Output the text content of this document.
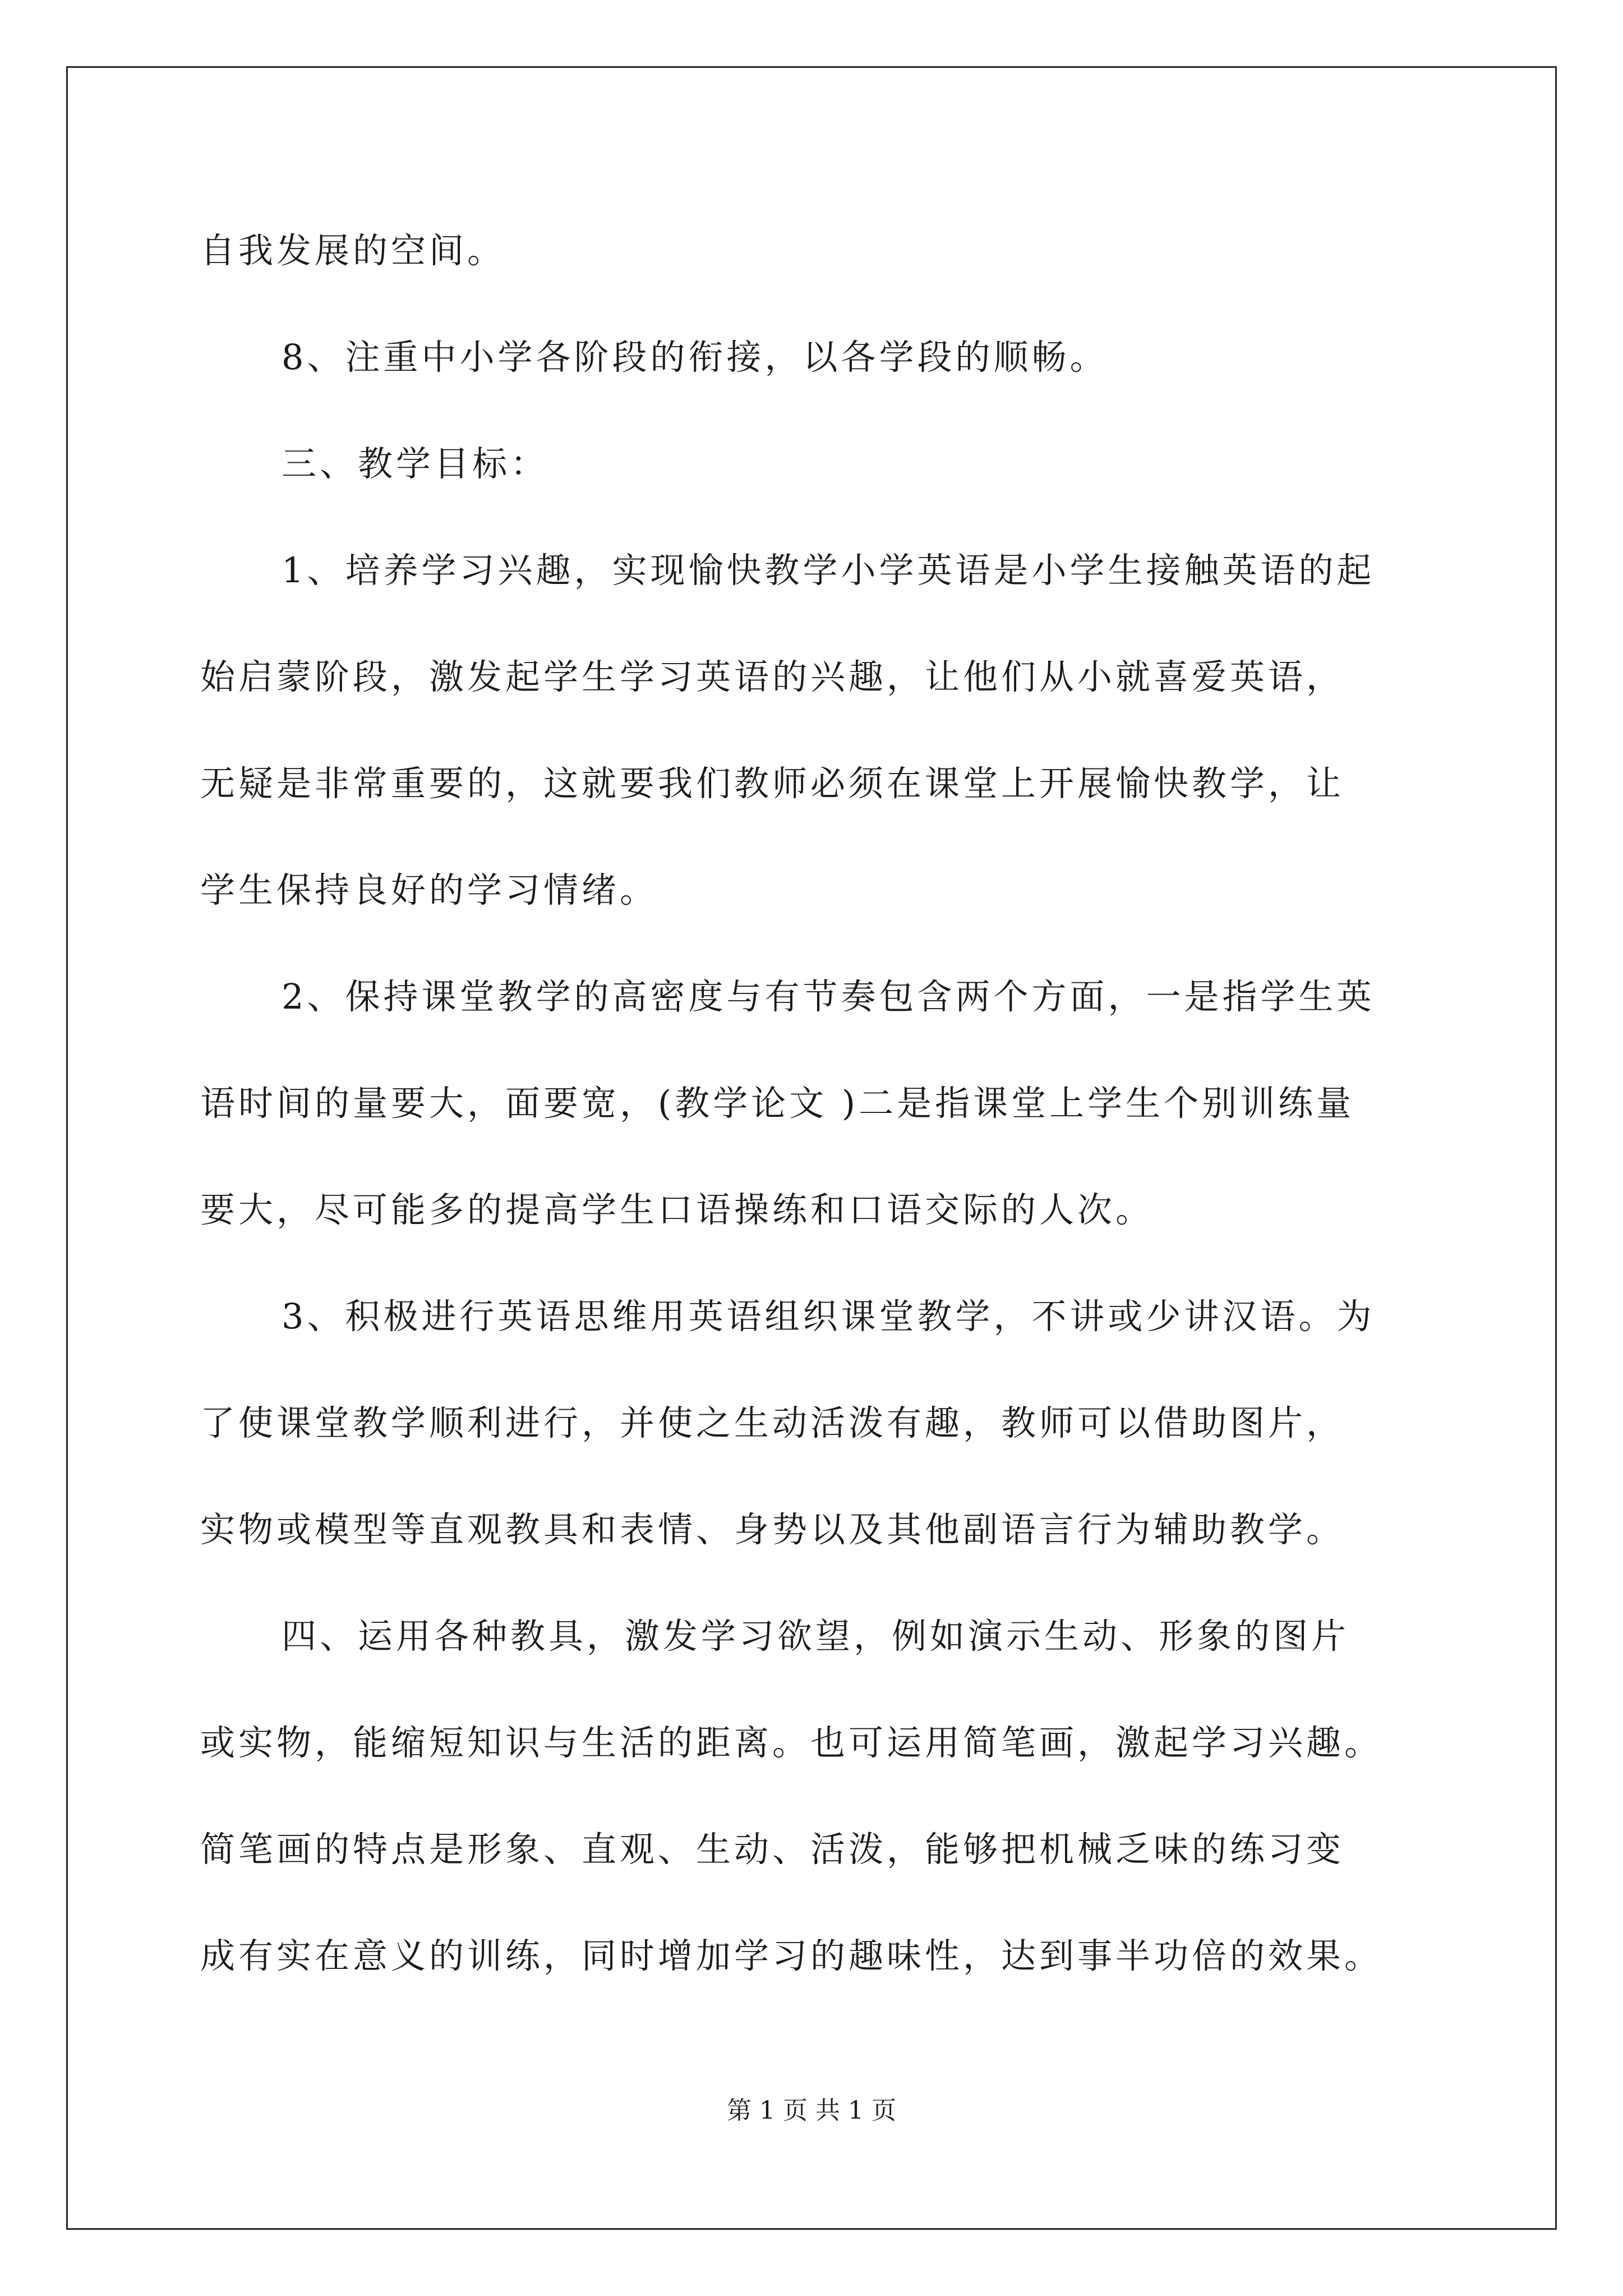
自我发展的空间。
8、注重中小学各阶段的衔接，以各学段的顺畅。
三、教学目标：
1、培养学习兴趣，实现愉快教学小学英语是小学生接触英语的起
始启蒙阶段，激发起学生学习英语的兴趣，让他们从小就喜爱英语，
无疑是非常重要的，这就要我们教师必须在课堂上开展愉快教学，让
学生保持良好的学习情绪。
2、保持课堂教学的高密度与有节奏包含两个方面，一是指学生英
语时间的量要大，面要宽，(教学论文 )二是指课堂上学生个别训练量
要大，尽可能多的提高学生口语操练和口语交际的人次。
3、积极进行英语思维用英语组织课堂教学，不讲或少讲汉语。为
了使课堂教学顺利进行，并使之生动活泼有趣，教师可以借助图片，
实物或模型等直观教具和表情、身势以及其他副语言行为辅助教学。
四、运用各种教具，激发学习欲望，例如演示生动、形象的图片
或实物，能缩短知识与生活的距离。也可运用简笔画，激起学习兴趣。
简笔画的特点是形象、直观、生动、活泼，能够把机械乏味的练习变
成有实在意义的训练，同时增加学习的趣味性，达到事半功倍的效果。
第 1 页 共 1 页
